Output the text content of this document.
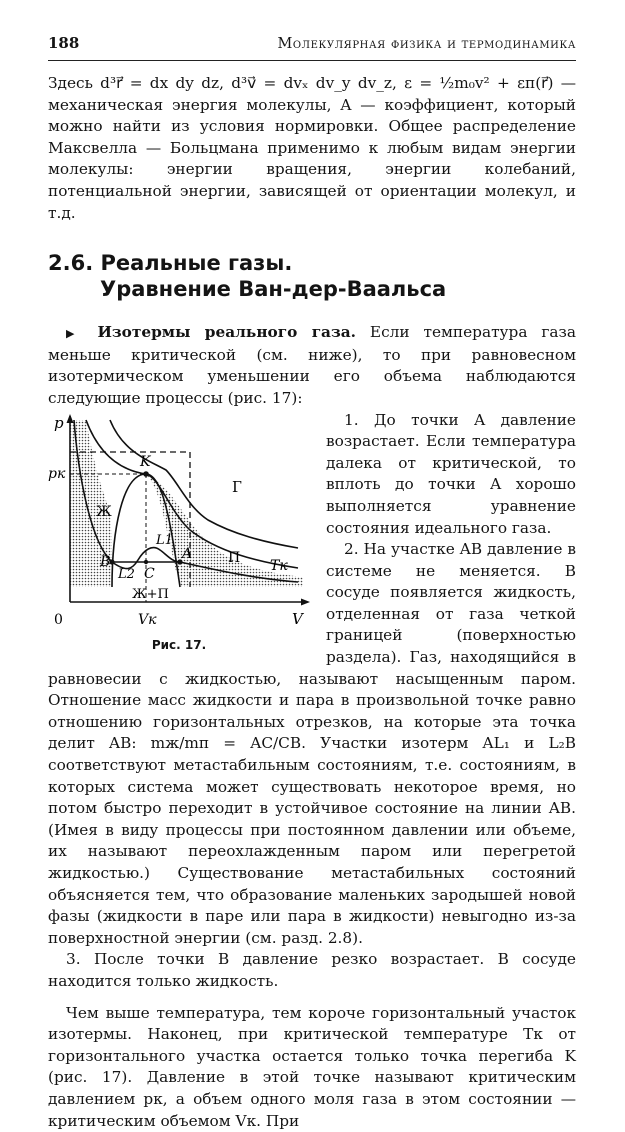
188	Молекулярная физика и термодинамика

Здесь d³r⃗ = dx dy dz, d³v⃗ = dvₓ dv_y dv_z, ε = ½m₀v² + εп(r⃗) — механическая энергия молекулы, A — коэффициент, который можно найти из условия нормировки. Общее распределение Максвелла — Больцмана применимо к любым видам энергии молекулы: энергии вращения, энергии колебаний, потенциальной энергии, зависящей от ориентации молекул, и т.д.

2.6. Реальные газы.
Уравнение Ван-дер-Ваальса

▶ Изотермы реального газа. Если температура газа меньше критической (см. ниже), то при равновесном изотермическом уменьшении его объема наблюдаются следующие процессы (рис. 17):

p
pк
K
Г
Ж
L1
L2
A
B
C
П Tк
Ж+П
0	Vк	V
Рис. 17.

1. До точки A давление возрастает. Если температура далека от критической, то вплоть до точки A хорошо выполняется уравнение состояния идеального газа.

2. На участке AB давление в системе не меняется. В сосуде появляется жидкость, отделенная от газа четкой границей (поверхностью раздела). Газ, находящийся в равновесии с жидкостью, называют насыщенным паром. Отношение масс жидкости и пара в произвольной точке равно отношению горизонтальных отрезков, на которые эта точка делит AB: mж/mп = AC/CB. Участки изотерм AL₁ и L₂B соответствуют метастабильным состояниям, т.е. состояниям, в которых система может существовать некоторое время, но потом быстро переходит в устойчивое состояние на линии AB. (Имея в виду процессы при постоянном давлении или объеме, их называют переохлажденным паром или перегретой жидкостью.) Существование метастабильных состояний объясняется тем, что образование маленьких зародышей новой фазы (жидкости в паре или пара в жидкости) невыгодно из-за поверхностной энергии (см. разд. 2.8).

3. После точки B давление резко возрастает. В сосуде находится только жидкость.

Чем выше температура, тем короче горизонтальный участок изотермы. Наконец, при критической температуре Tк от горизонтального участка остается только точка перегиба K (рис. 17). Давление в этой точке называют критическим давлением pк, а объем одного моля газа в этом состоянии — критическим объемом Vк. При
